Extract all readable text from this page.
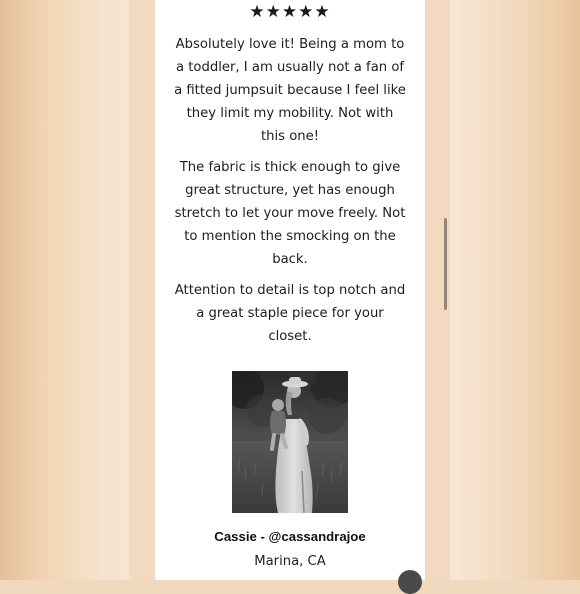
★★★★★

Absolutely love it! Being a mom to
a toddler, I am usually not a fan of
a fitted jumpsuit because I feel like
they limit my mobility. Not with
this one!

The fabric is thick enough to give
great structure, yet has enough
stretch to let your move freely. Not
to mention the smocking on the
back.

Attention to detail is top notch and
a great staple piece for your
closet.

Cassie - @cassandrajoe
Marina, CA
